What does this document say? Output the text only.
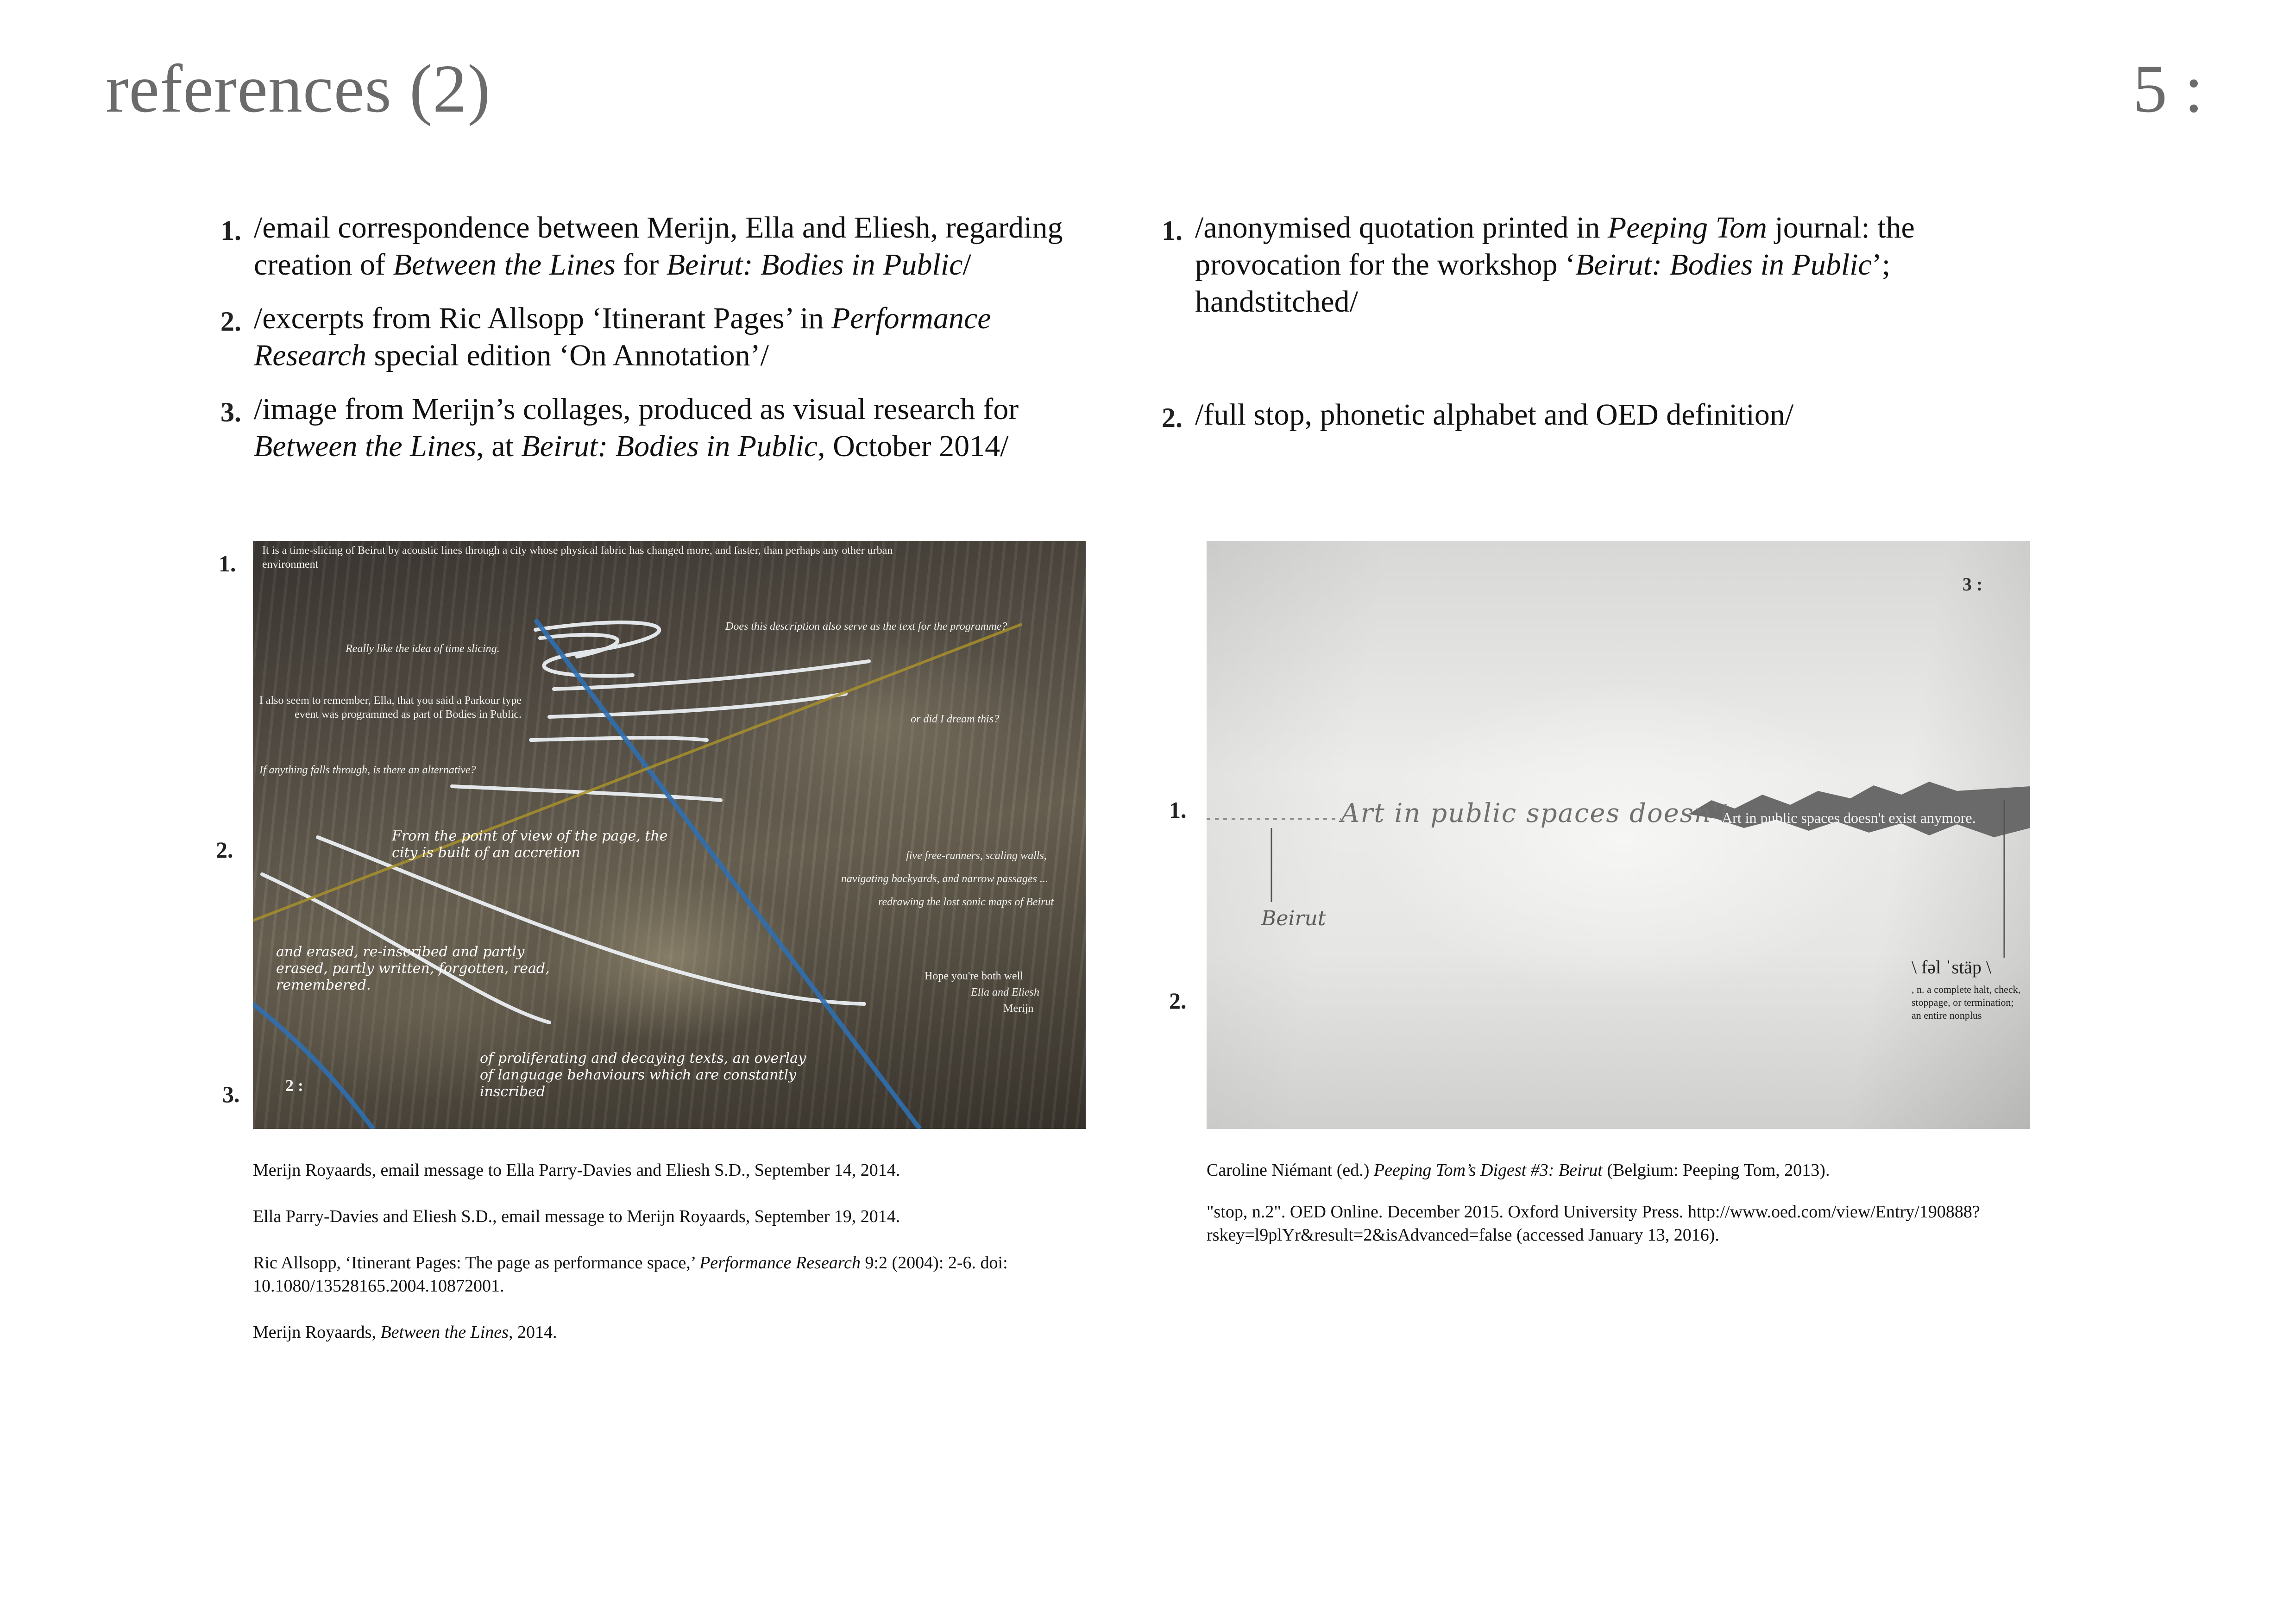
references (2)	5 :
1. /email correspondence between Merijn, Ella and Eliesh, regarding creation of Between the Lines for Beirut: Bodies in Public/
2. /excerpts from Ric Allsopp ‘Itinerant Pages’ in Performance Research special edition ‘On Annotation’/
3. /image from Merijn’s collages, produced as visual research for Between the Lines, at Beirut: Bodies in Public, October 2014/
1. /anonymised quotation printed in Peeping Tom journal: the provocation for the workshop ‘Beirut: Bodies in Public’; handstitched/
2. /full stop, phonetic alphabet and OED definition/
1.
2.
3.
1.
2.
It is a time-slicing of Beirut by acoustic lines through a city whose physical fabric has changed more, and faster, than perhaps any other urban environment
Does this description also serve as the text for the programme?
Really like the idea of time slicing.
I also seem to remember, Ella, that you said a Parkour type event was programmed as part of Bodies in Public.	or did I dream this?
If anything falls through, is there an alternative?
From the point of view of the page, the city is built of an accretion	five free-runners, scaling walls,
navigating backyards, and narrow passages ...
redrawing the lost sonic maps of Beirut
and erased, re-inscribed and partly erased, partly written, forgotten, read, remembered.
Hope you're both well
Ella and Eliesh
Merijn
of proliferating and decaying texts, an overlay of language behaviours which are constantly inscribed
2 :
Art in public spaces doesn't
Art in public spaces doesn't exist anymore.
Beirut
\ fəl ˈstäp \
, n. a complete halt, check, stoppage, or termination; an entire nonplus
3 :

Merijn Royaards, email message to Ella Parry-Davies and Eliesh S.D., September 14, 2014.

Ella Parry-Davies and Eliesh S.D., email message to Merijn Royaards, September 19, 2014.

Ric Allsopp, ‘Itinerant Pages: The page as performance space,’ Performance Research 9:2 (2004): 2-6. doi: 10.1080/13528165.2004.10872001.

Merijn Royaards, Between the Lines, 2014.

Caroline Niémant (ed.) Peeping Tom’s Digest #3: Beirut (Belgium: Peeping Tom, 2013).

"stop, n.2". OED Online. December 2015. Oxford University Press. http://www.oed.com/view/Entry/190888?rskey=l9plYr&result=2&isAdvanced=false (accessed January 13, 2016).
